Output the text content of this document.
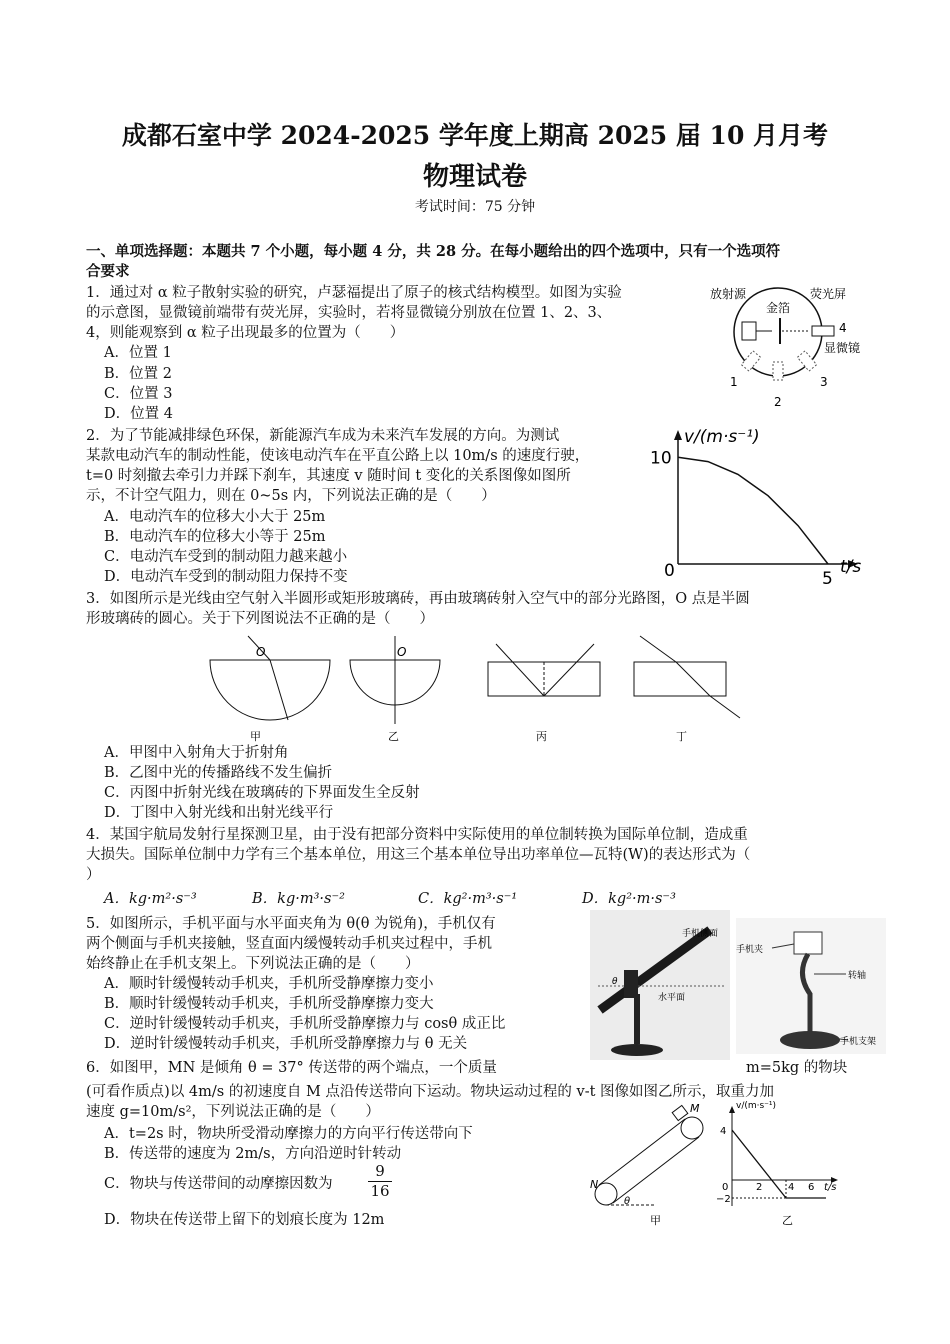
成都石室中学 2024-2025 学年度上期高 2025 届 10 月月考
物理试卷
考试时间：75 分钟
一、单项选择题：本题共 7 个小题，每小题 4 分，共 28 分。在每小题给出的四个选项中，只有一个选项符
合要求
1．通过对 α 粒子散射实验的研究，卢瑟福提出了原子的核式结构模型。如图为实验
的示意图，显微镜前端带有荧光屏，实验时，若将显微镜分别放在位置 1、2、3、
4，则能观察到 α 粒子出现最多的位置为（　　）
A．位置 1
B．位置 2
C．位置 3
D．位置 4
放射源
金箔
荧光屏
4
显微镜
1
2
3
2．为了节能减排绿色环保，新能源汽车成为未来汽车发展的方向。为测试
某款电动汽车的制动性能，使该电动汽车在平直公路上以 10m/s 的速度行驶，
t=0 时刻撤去牵引力并踩下刹车，其速度 v 随时间 t 变化的关系图像如图所
示，不计空气阻力，则在 0~5s 内，下列说法正确的是（　　）
A．电动汽车的位移大小大于 25m
B．电动汽车的位移大小等于 25m
C．电动汽车受到的制动阻力越来越小
D．电动汽车受到的制动阻力保持不变
v/(m·s⁻¹)
10
0	5
t/s
3．如图所示是光线由空气射入半圆形或矩形玻璃砖，再由玻璃砖射入空气中的部分光路图，O 点是半圆
形玻璃砖的圆心。关于下列图说法不正确的是（　　）
O
甲
O
乙	丙	丁
A．甲图中入射角大于折射角
B．乙图中光的传播路线不发生偏折
C．丙图中折射光线在玻璃砖的下界面发生全反射
D．丁图中入射光线和出射光线平行
4．某国宇航局发射行星探测卫星，由于没有把部分资料中实际使用的单位制转换为国际单位制，造成重
大损失。国际单位制中力学有三个基本单位，用这三个基本单位导出功率单位—瓦特(W)的表达形式为（
）
A．kg·m²·s⁻³	B．kg·m³·s⁻²	C．kg²·m³·s⁻¹	D．kg²·m·s⁻³
5．如图所示，手机平面与水平面夹角为 θ(θ 为锐角)，手机仅有
两个侧面与手机夹接触，竖直面内缓慢转动手机夹过程中，手机
始终静止在手机支架上。下列说法正确的是（　　）
A．顺时针缓慢转动手机夹，手机所受静摩擦力变小
B．顺时针缓慢转动手机夹，手机所受静摩擦力变大
C．逆时针缓慢转动手机夹，手机所受静摩擦力与 cosθ 成正比
D．逆时针缓慢转动手机夹，手机所受静摩擦力与 θ 无关
手机侧面
θ
水平面
手机夹
转轴
手机支架
6．如图甲，MN 是倾角 θ = 37° 传送带的两个端点，一个质量	m=5kg 的物块
(可看作质点)以 4m/s 的初速度自 M 点沿传送带向下运动。物块运动过程的 v-t 图像如图乙所示，取重力加
速度 g=10m/s²，下列说法正确的是（　　）
A．t=2s 时，物块所受滑动摩擦力的方向平行传送带向下
B．传送带的速度为 2m/s，方向沿逆时针转动
C．物块与传送带间的动摩擦因数为 $\frac{9}{16}$
D．物块在传送带上留下的划痕长度为 12m
M
N
θ
甲
v/(m·s⁻¹)
4
−2
0	2	4 6 t/s
乙
